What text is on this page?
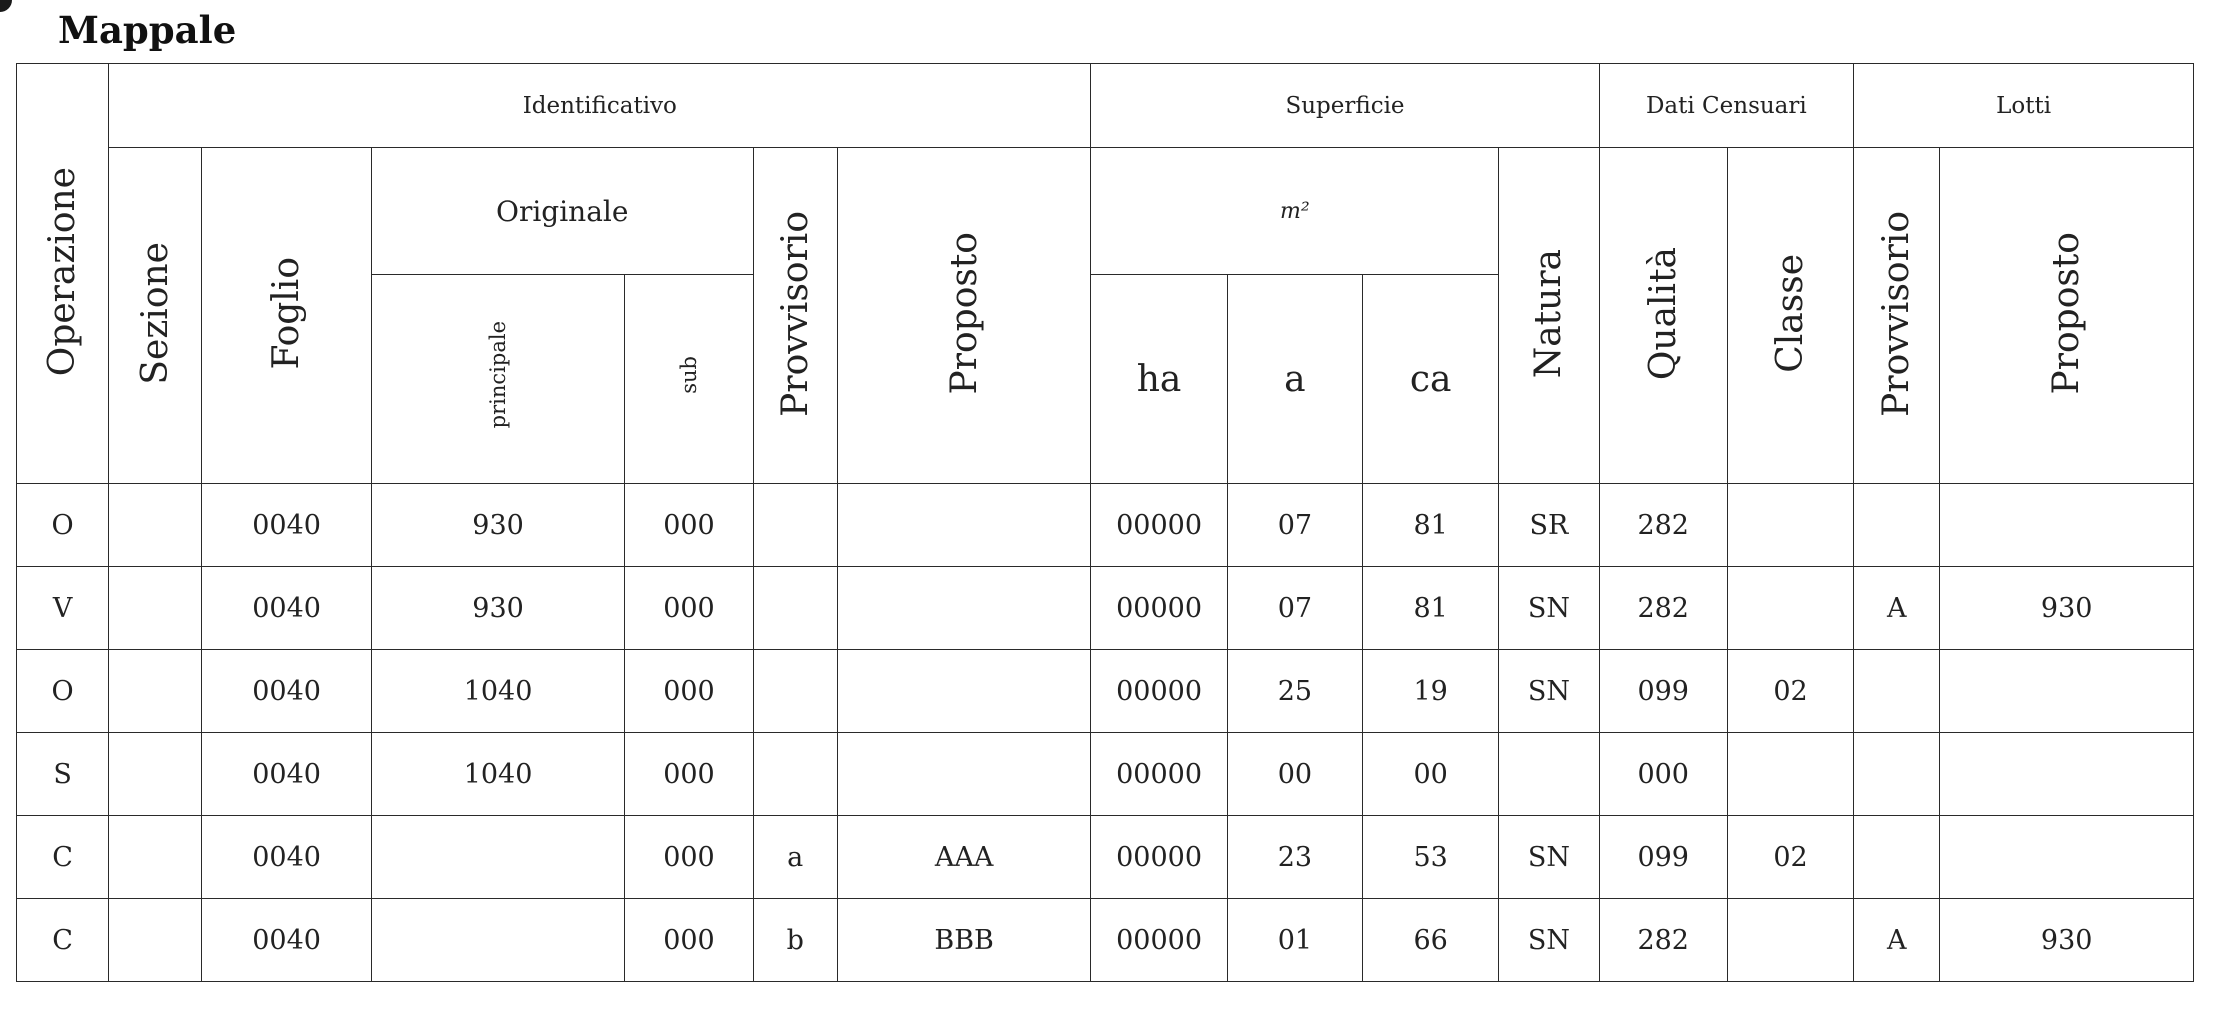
Mappale
Operazione	Identificativo						Superficie				Dati Censuari		Lotti	
	Sezione	Foglio	Originale		Provvisorio	Proposto	m²			Natura	Qualità	Classe	Provvisorio	Proposto
			principale	sub			ha	a	ca					
O		0040	930	000			00000	07	81	SR	282			
V		0040	930	000			00000	07	81	SN	282		A	930
O		0040	1040	000			00000	25	19	SN	099	02		
S		0040	1040	000			00000	00	00		000			
C		0040		000	a	AAA	00000	23	53	SN	099	02		
C		0040		000	b	BBB	00000	01	66	SN	282		A	930
